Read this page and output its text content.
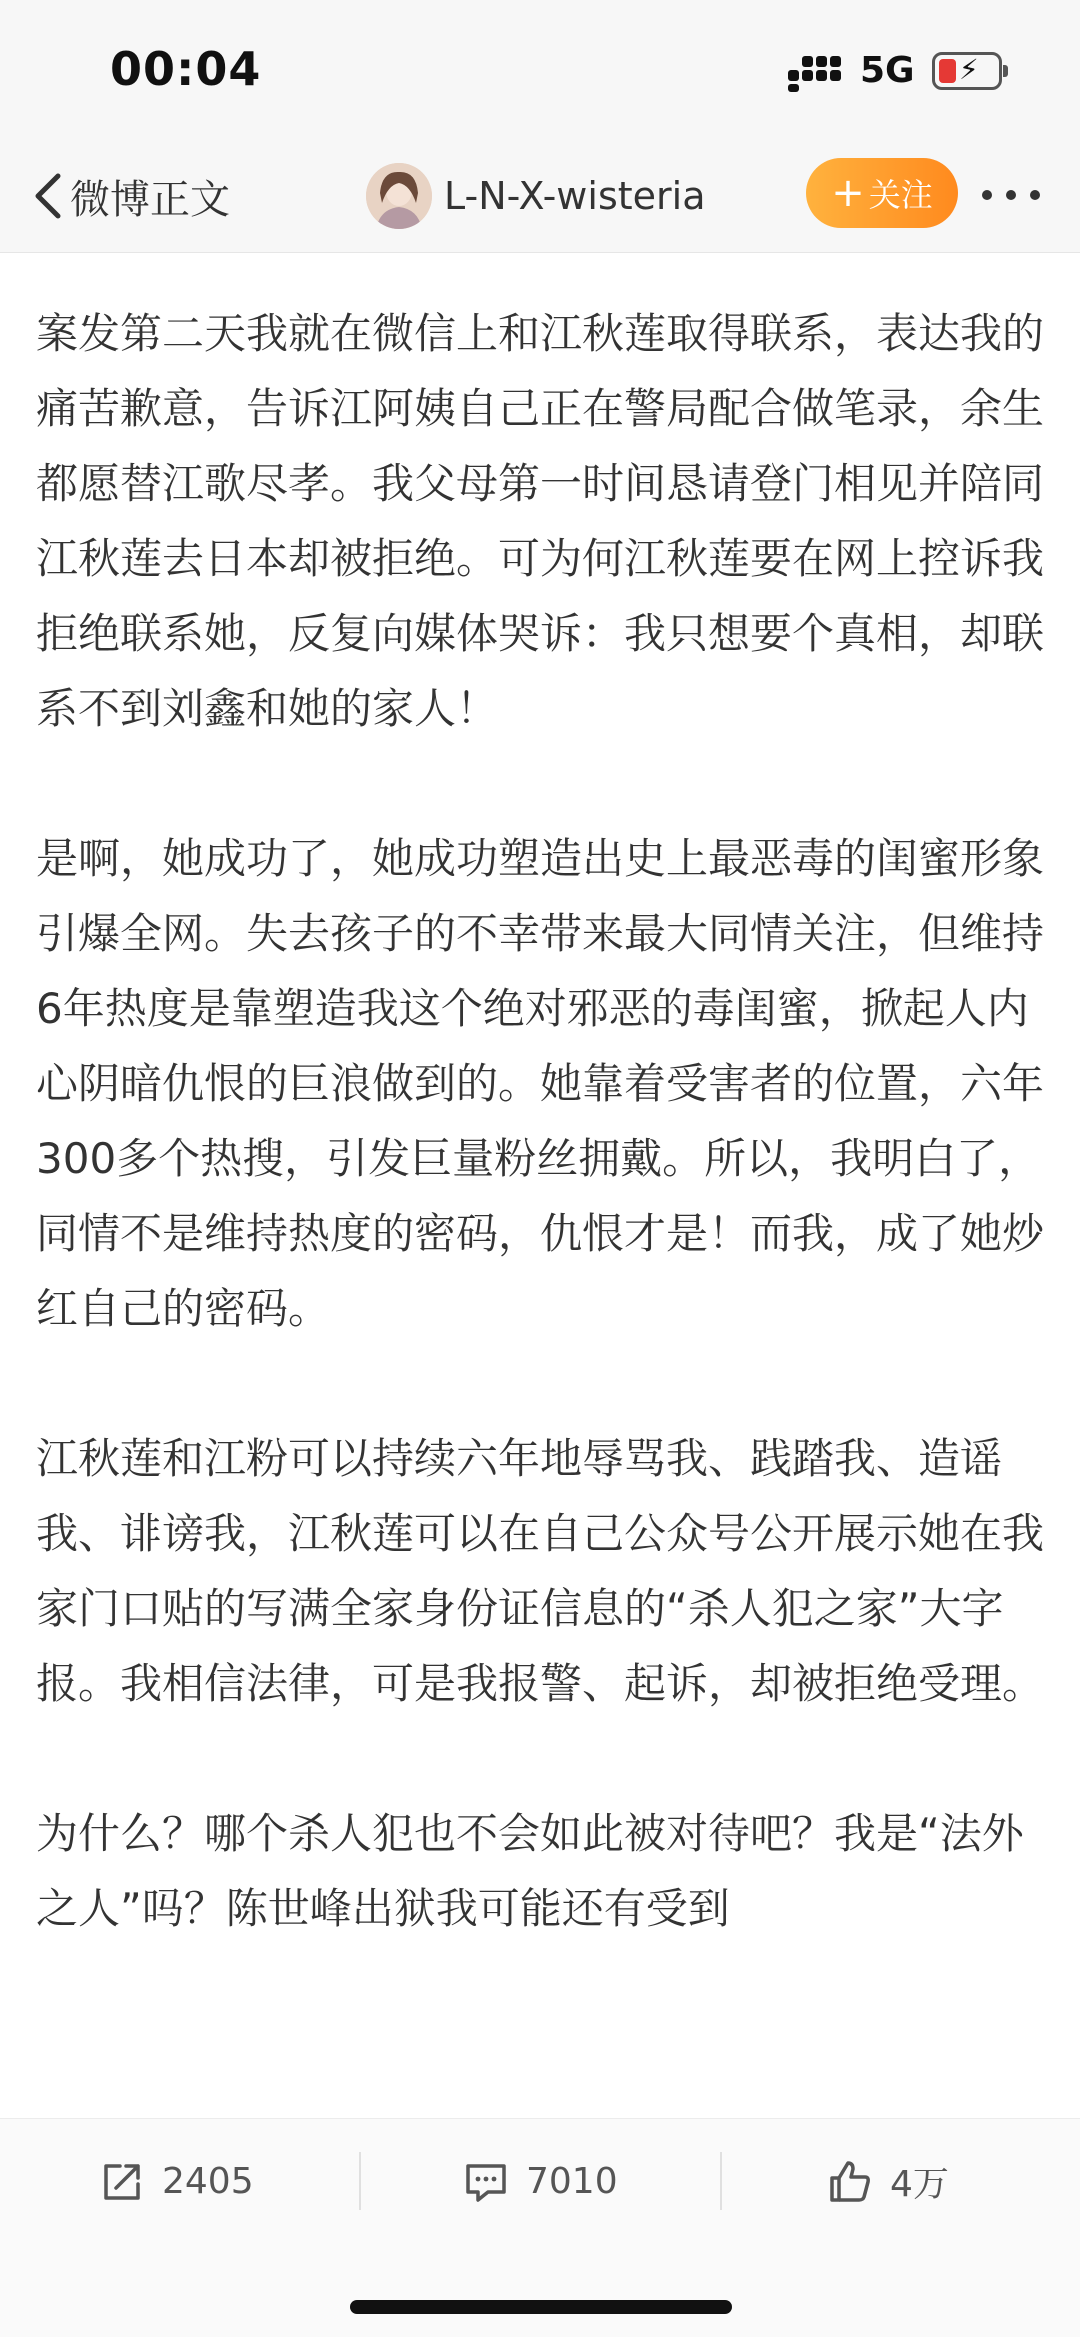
00:04	5G ⚡
微博正文	L-N-X-wisteria	+ 关注

案发第二天我就在微信上和江秋莲取得联系，表达我的痛苦歉意，告诉江阿姨自己正在警局配合做笔录，余生都愿替江歌尽孝。我父母第一时间恳请登门相见并陪同江秋莲去日本却被拒绝。可为何江秋莲要在网上控诉我拒绝联系她，反复向媒体哭诉：我只想要个真相，却联系不到刘鑫和她的家人！

是啊，她成功了，她成功塑造出史上最恶毒的闺蜜形象引爆全网。失去孩子的不幸带来最大同情关注，但维持6年热度是靠塑造我这个绝对邪恶的毒闺蜜，掀起人内心阴暗仇恨的巨浪做到的。她靠着受害者的位置，六年300多个热搜，引发巨量粉丝拥戴。所以，我明白了，同情不是维持热度的密码，仇恨才是！而我，成了她炒红自己的密码。

江秋莲和江粉可以持续六年地辱骂我、践踏我、造谣我、诽谤我，江秋莲可以在自己公众号公开展示她在我家门口贴的写满全家身份证信息的“杀人犯之家”大字报。我相信法律，可是我报警、起诉，却被拒绝受理。

为什么？哪个杀人犯也不会如此被对待吧？我是“法外之人”吗？陈世峰出狱我可能还有受到

2405	7010	4万
